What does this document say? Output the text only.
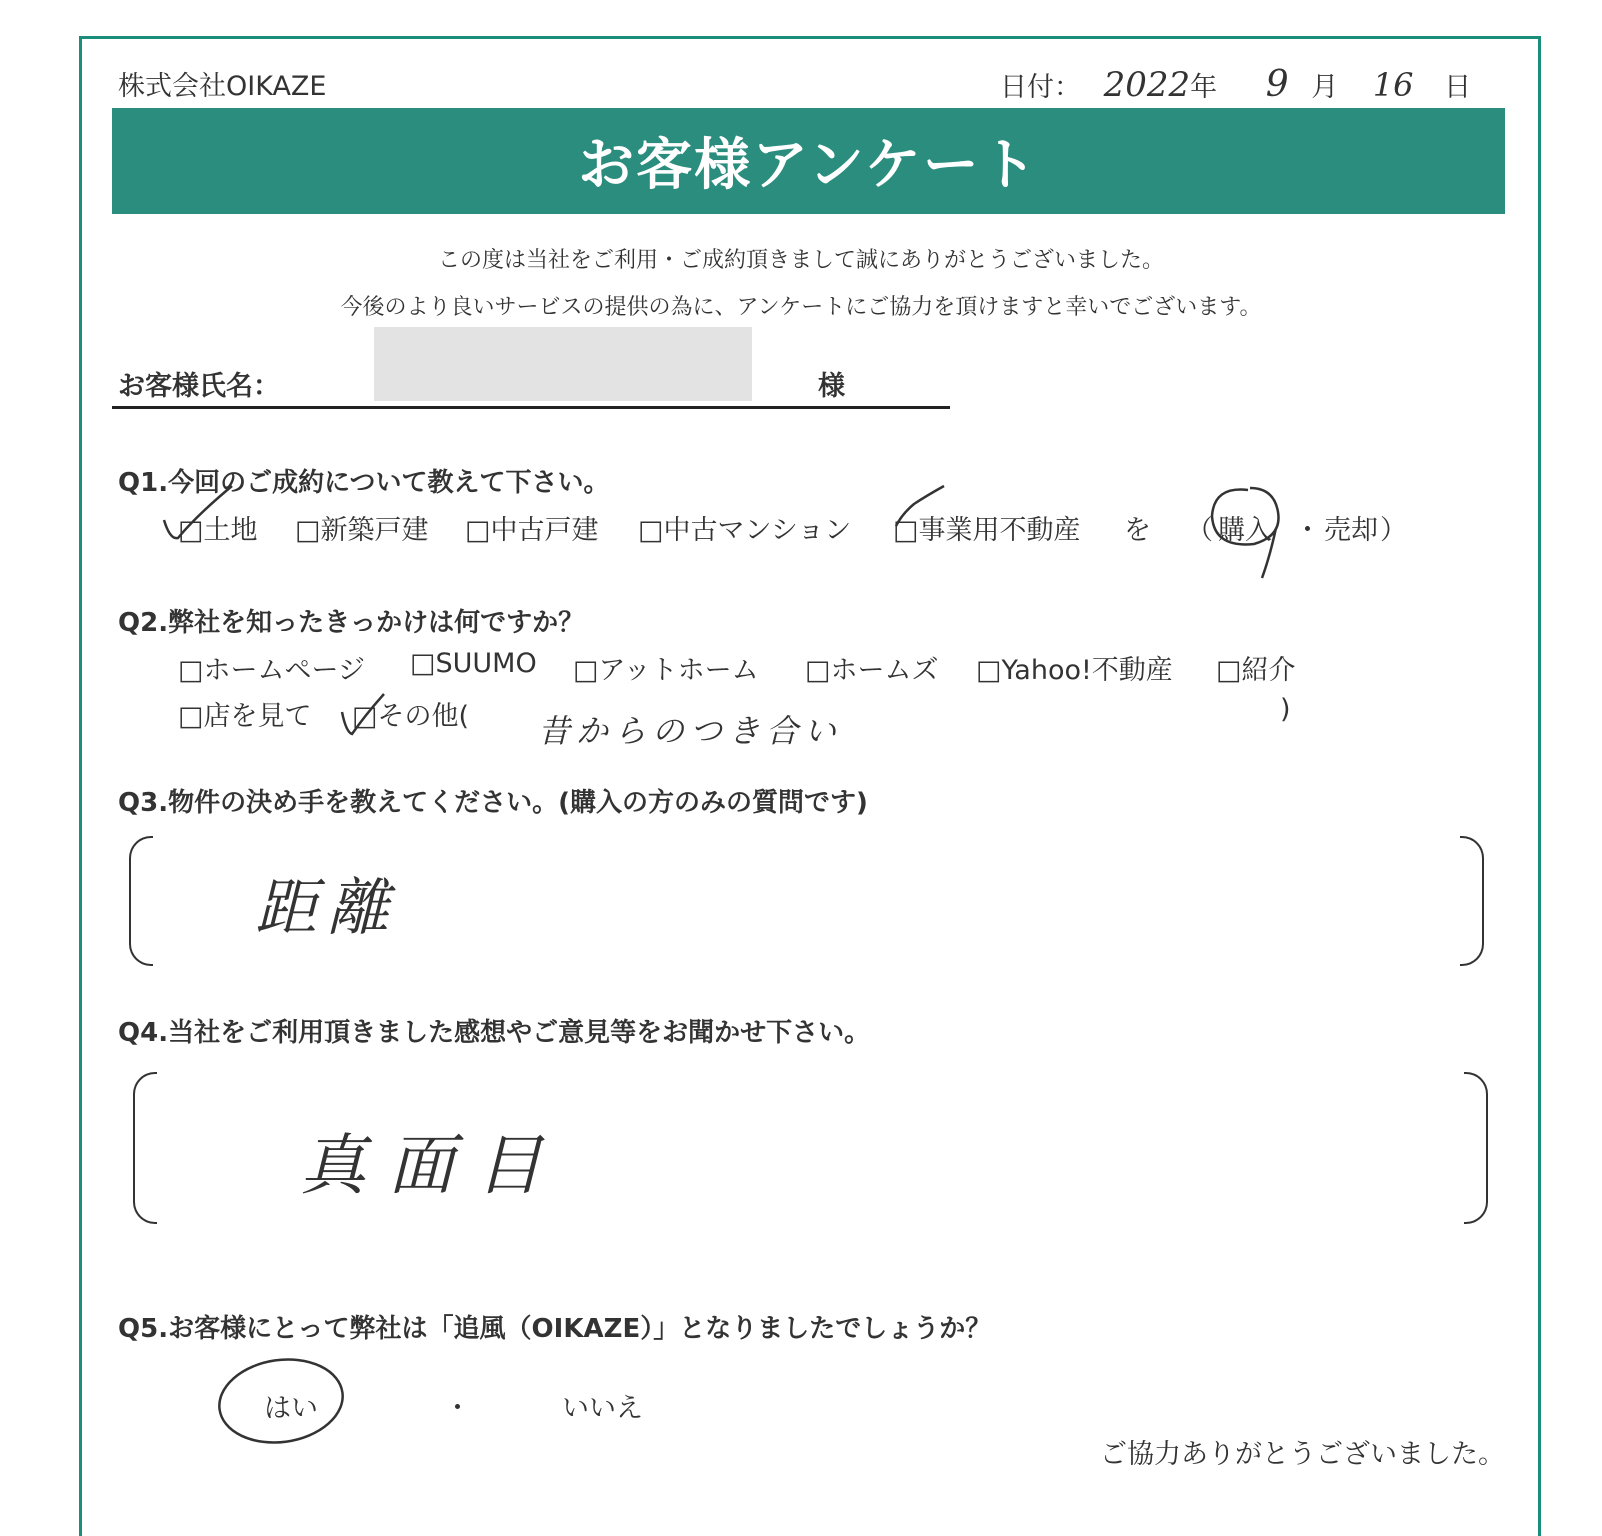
株式会社OIKAZE	日付： 2022年 9 月 16 日
お客様アンケート
この度は当社をご利用・ご成約頂きまして誠にありがとうございました。
今後のより良いサービスの提供の為に、アンケートにご協力を頂けますと幸いでございます。
お客様氏名：	様
Q1.今回のご成約について教えて下さい。
□土地 □新築戸建 □中古戸建 □中古マンション □事業用不動産 を （ 購入 ・ 売却 ）
Q2.弊社を知ったきっかけは何ですか？
□ホームページ □SUUMO □アットホーム □ホームズ □Yahoo!不動産 □紹介
□店を見て □その他(	)
昔からのつき合い
Q3.物件の決め手を教えてください。(購入の方のみの質問です)
距離
Q4.当社をご利用頂きました感想やご意見等をお聞かせ下さい。
真面目
Q5.お客様にとって弊社は「追風（OIKAZE）」となりましたでしょうか？
はい	・	いいえ
ご協力ありがとうございました。
